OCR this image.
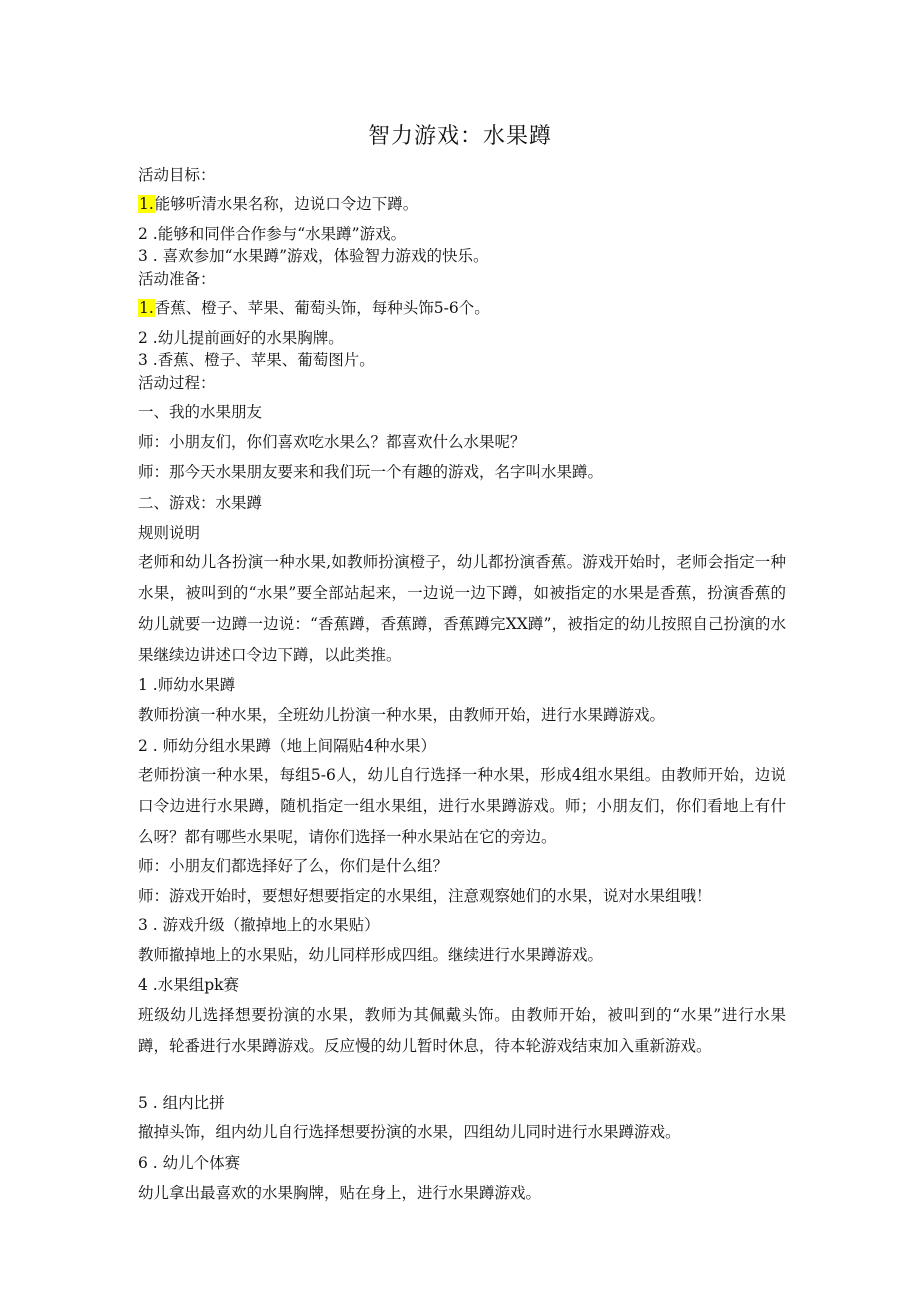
智力游戏：水果蹲
活动目标：
1.能够听清水果名称，边说口令边下蹲。
2 .能够和同伴合作参与“水果蹲”游戏。
3 . 喜欢参加“水果蹲”游戏，体验智力游戏的快乐。
活动准备：
1.香蕉、橙子、苹果、葡萄头饰，每种头饰5-6个。
2 .幼儿提前画好的水果胸牌。
3 .香蕉、橙子、苹果、葡萄图片。
活动过程：
一、我的水果朋友
师：小朋友们，你们喜欢吃水果么？都喜欢什么水果呢？
师：那今天水果朋友要来和我们玩一个有趣的游戏，名字叫水果蹲。
二、游戏：水果蹲
规则说明
老师和幼儿各扮演一种水果,如教师扮演橙子，幼儿都扮演香蕉。游戏开始时，老师会指定一种水果，被叫到的“水果”要全部站起来，一边说一边下蹲，如被指定的水果是香蕉，扮演香蕉的幼儿就要一边蹲一边说：“香蕉蹲，香蕉蹲，香蕉蹲完XX蹲”，被指定的幼儿按照自己扮演的水果继续边讲述口令边下蹲，以此类推。
1 .师幼水果蹲
教师扮演一种水果，全班幼儿扮演一种水果，由教师开始，进行水果蹲游戏。
2 . 师幼分组水果蹲（地上间隔贴4种水果）
老师扮演一种水果，每组5-6人，幼儿自行选择一种水果，形成4组水果组。由教师开始，边说口令边进行水果蹲，随机指定一组水果组，进行水果蹲游戏。师；小朋友们，你们看地上有什么呀？都有哪些水果呢，请你们选择一种水果站在它的旁边。
师：小朋友们都选择好了么，你们是什么组？
师：游戏开始时，要想好想要指定的水果组，注意观察她们的水果，说对水果组哦！
3 . 游戏升级（撤掉地上的水果贴）
教师撤掉地上的水果贴，幼儿同样形成四组。继续进行水果蹲游戏。
4 .水果组pk赛
班级幼儿选择想要扮演的水果，教师为其佩戴头饰。由教师开始，被叫到的“水果”进行水果蹲，轮番进行水果蹲游戏。反应慢的幼儿暂时休息，待本轮游戏结束加入重新游戏。
5 . 组内比拼
撤掉头饰，组内幼儿自行选择想要扮演的水果，四组幼儿同时进行水果蹲游戏。
6 . 幼儿个体赛
幼儿拿出最喜欢的水果胸牌，贴在身上，进行水果蹲游戏。
